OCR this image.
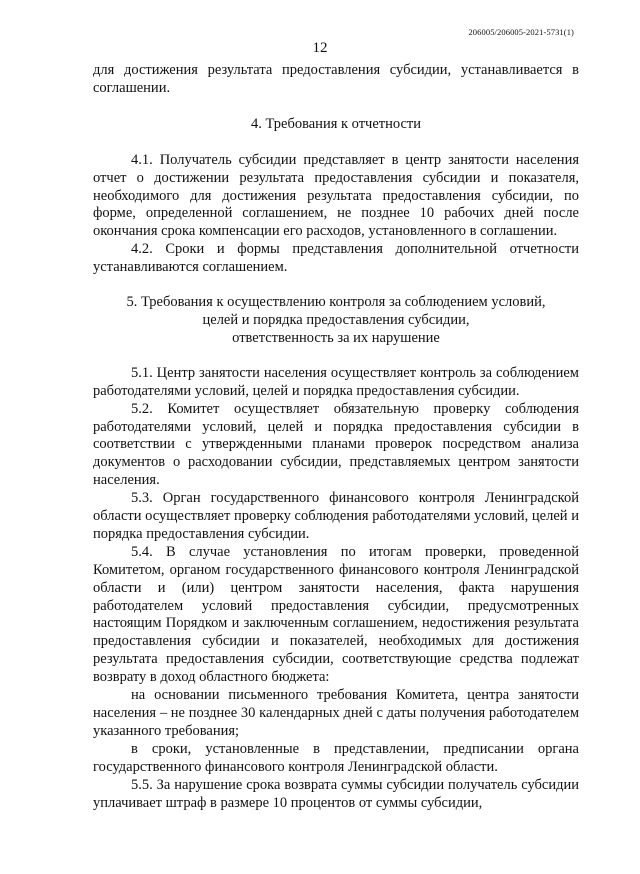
206005/206005-2021-5731(1)
12

для достижения результата предоставления субсидии, устанавливается в соглашении.

4. Требования к отчетности

4.1. Получатель субсидии представляет в центр занятости населения отчет о достижении результата предоставления субсидии и показателя, необходимого для достижения результата предоставления субсидии, по форме, определенной соглашением, не позднее 10 рабочих дней после окончания срока компенсации его расходов, установленного в соглашении.

4.2. Сроки и формы представления дополнительной отчетности устанавливаются соглашением.

5. Требования к осуществлению контроля за соблюдением условий,

целей и порядка предоставления субсидии,

ответственность за их нарушение

5.1. Центр занятости населения осуществляет контроль за соблюдением работодателями условий, целей и порядка предоставления субсидии.

5.2. Комитет осуществляет обязательную проверку соблюдения работодателями условий, целей и порядка предоставления субсидии в соответствии с утвержденными планами проверок посредством анализа документов о расходовании субсидии, представляемых центром занятости населения.

5.3. Орган государственного финансового контроля Ленинградской области осуществляет проверку соблюдения работодателями условий, целей и порядка предоставления субсидии.

5.4. В случае установления по итогам проверки, проведенной Комитетом, органом государственного финансового контроля Ленинградской области и (или) центром занятости населения, факта нарушения работодателем условий предоставления субсидии, предусмотренных настоящим Порядком и заключенным соглашением, недостижения результата предоставления субсидии и показателей, необходимых для достижения результата предоставления субсидии, соответствующие средства подлежат возврату в доход областного бюджета:

на основании письменного требования Комитета, центра занятости населения – не позднее 30 календарных дней с даты получения работодателем указанного требования;

в сроки, установленные в представлении, предписании органа государственного финансового контроля Ленинградской области.

5.5. За нарушение срока возврата суммы субсидии получатель субсидии уплачивает штраф в размере 10 процентов от суммы субсидии,
